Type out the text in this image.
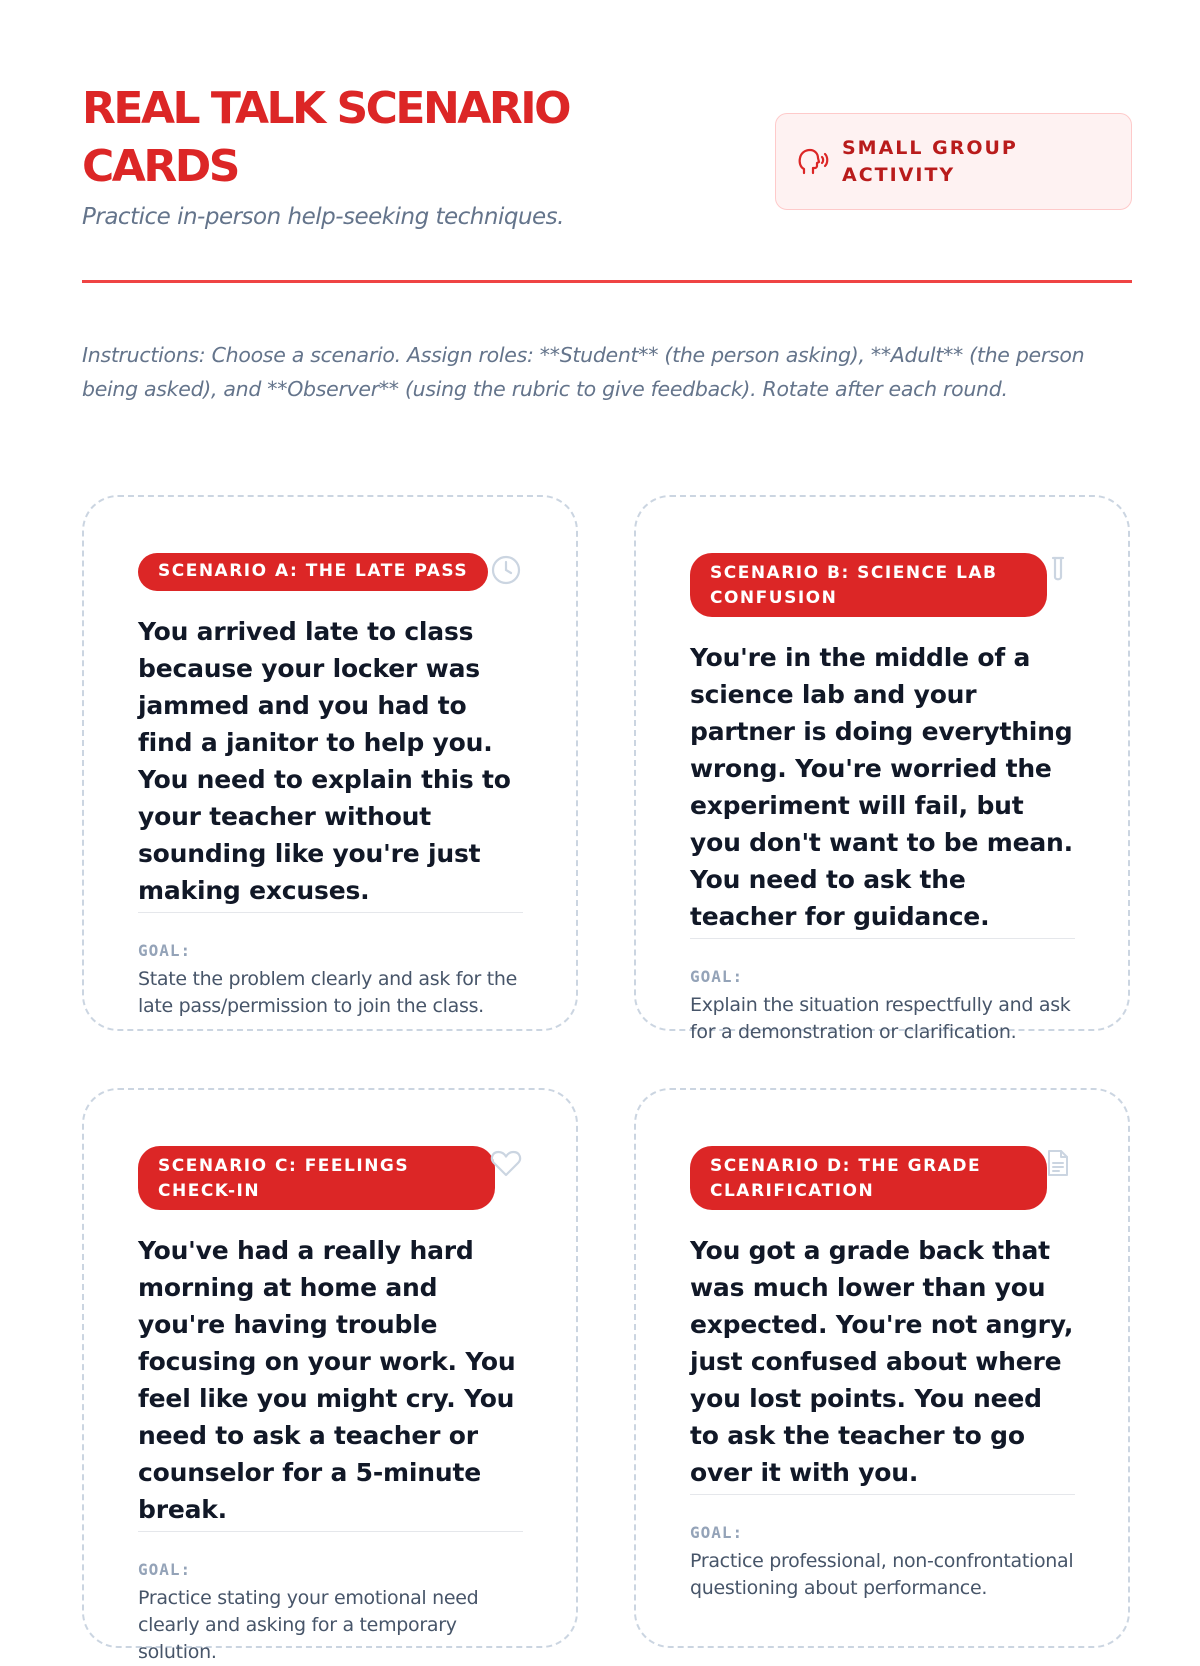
REAL TALK SCENARIO CARDS
Practice in-person help-seeking techniques.
SMALL GROUP ACTIVITY

Instructions: Choose a scenario. Assign roles: **Student** (the person asking), **Adult** (the person being asked), and **Observer** (using the rubric to give feedback). Rotate after each round.

SCENARIO A: THE LATE PASS
You arrived late to class because your locker was jammed and you had to find a janitor to help you. You need to explain this to your teacher without sounding like you're just making excuses.
GOAL:
State the problem clearly and ask for the late pass/permission to join the class.
SCENARIO B: SCIENCE LAB CONFUSION
You're in the middle of a science lab and your partner is doing everything wrong. You're worried the experiment will fail, but you don't want to be mean. You need to ask the teacher for guidance.
GOAL:
Explain the situation respectfully and ask for a demonstration or clarification.
SCENARIO C: FEELINGS CHECK-IN
You've had a really hard morning at home and you're having trouble focusing on your work. You feel like you might cry. You need to ask a teacher or counselor for a 5-minute break.
GOAL:
Practice stating your emotional need clearly and asking for a temporary solution.
SCENARIO D: THE GRADE CLARIFICATION
You got a grade back that was much lower than you expected. You're not angry, just confused about where you lost points. You need to ask the teacher to go over it with you.
GOAL:
Practice professional, non-confrontational questioning about performance.
